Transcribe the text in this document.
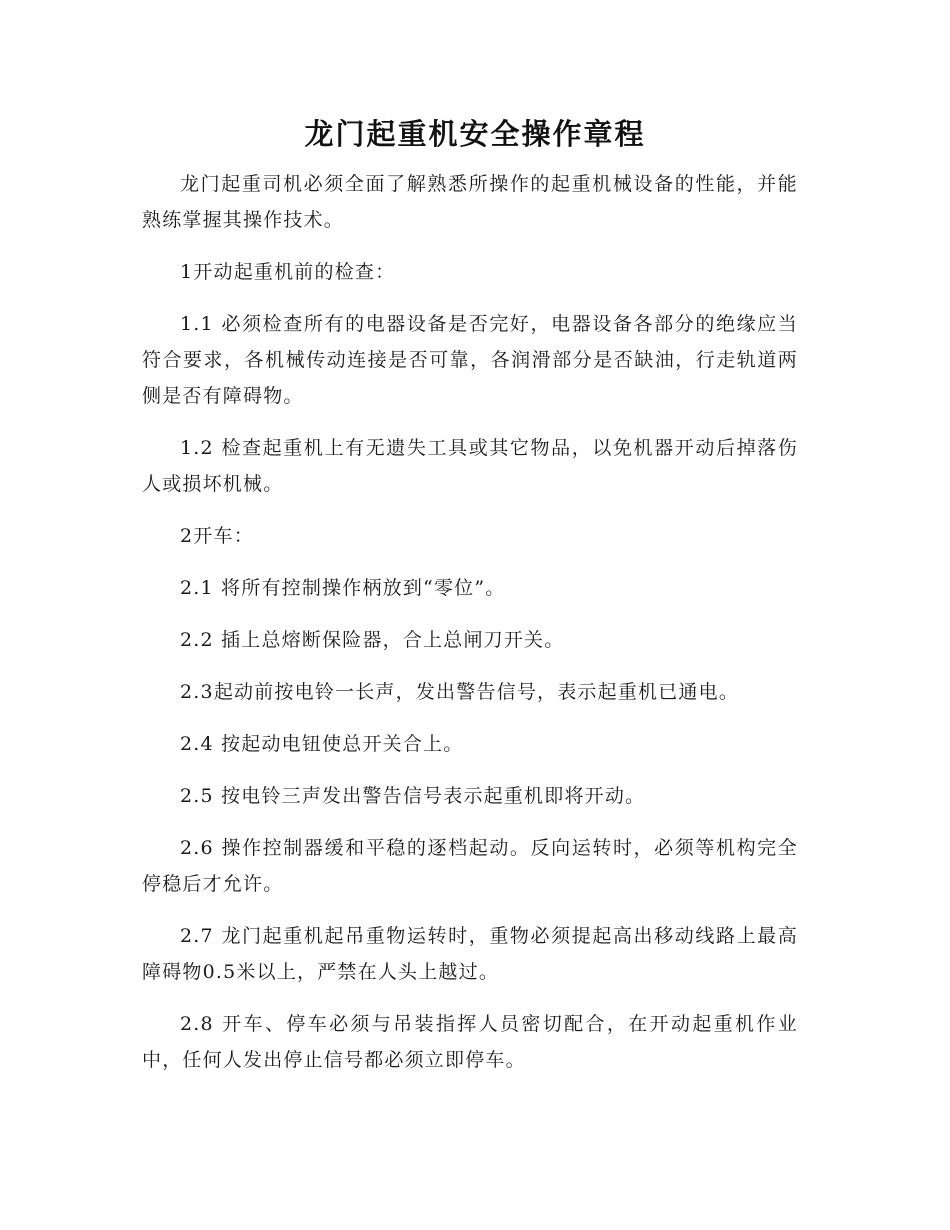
龙门起重机安全操作章程

龙门起重司机必须全面了解熟悉所操作的起重机械设备的性能，并能熟练掌握其操作技术。

1开动起重机前的检查：

1.1 必须检查所有的电器设备是否完好，电器设备各部分的绝缘应当符合要求，各机械传动连接是否可靠，各润滑部分是否缺油，行走轨道两侧是否有障碍物。

1.2 检查起重机上有无遗失工具或其它物品，以免机器开动后掉落伤人或损坏机械。

2开车：

2.1 将所有控制操作柄放到“零位”。

2.2 插上总熔断保险器，合上总闸刀开关。

2.3起动前按电铃一长声，发出警告信号，表示起重机已通电。

2.4 按起动电钮使总开关合上。

2.5 按电铃三声发出警告信号表示起重机即将开动。

2.6 操作控制器缓和平稳的逐档起动。反向运转时，必须等机构完全停稳后才允许。

2.7 龙门起重机起吊重物运转时，重物必须提起高出移动线路上最高障碍物0.5米以上，严禁在人头上越过。

2.8 开车、停车必须与吊装指挥人员密切配合，在开动起重机作业中，任何人发出停止信号都必须立即停车。
